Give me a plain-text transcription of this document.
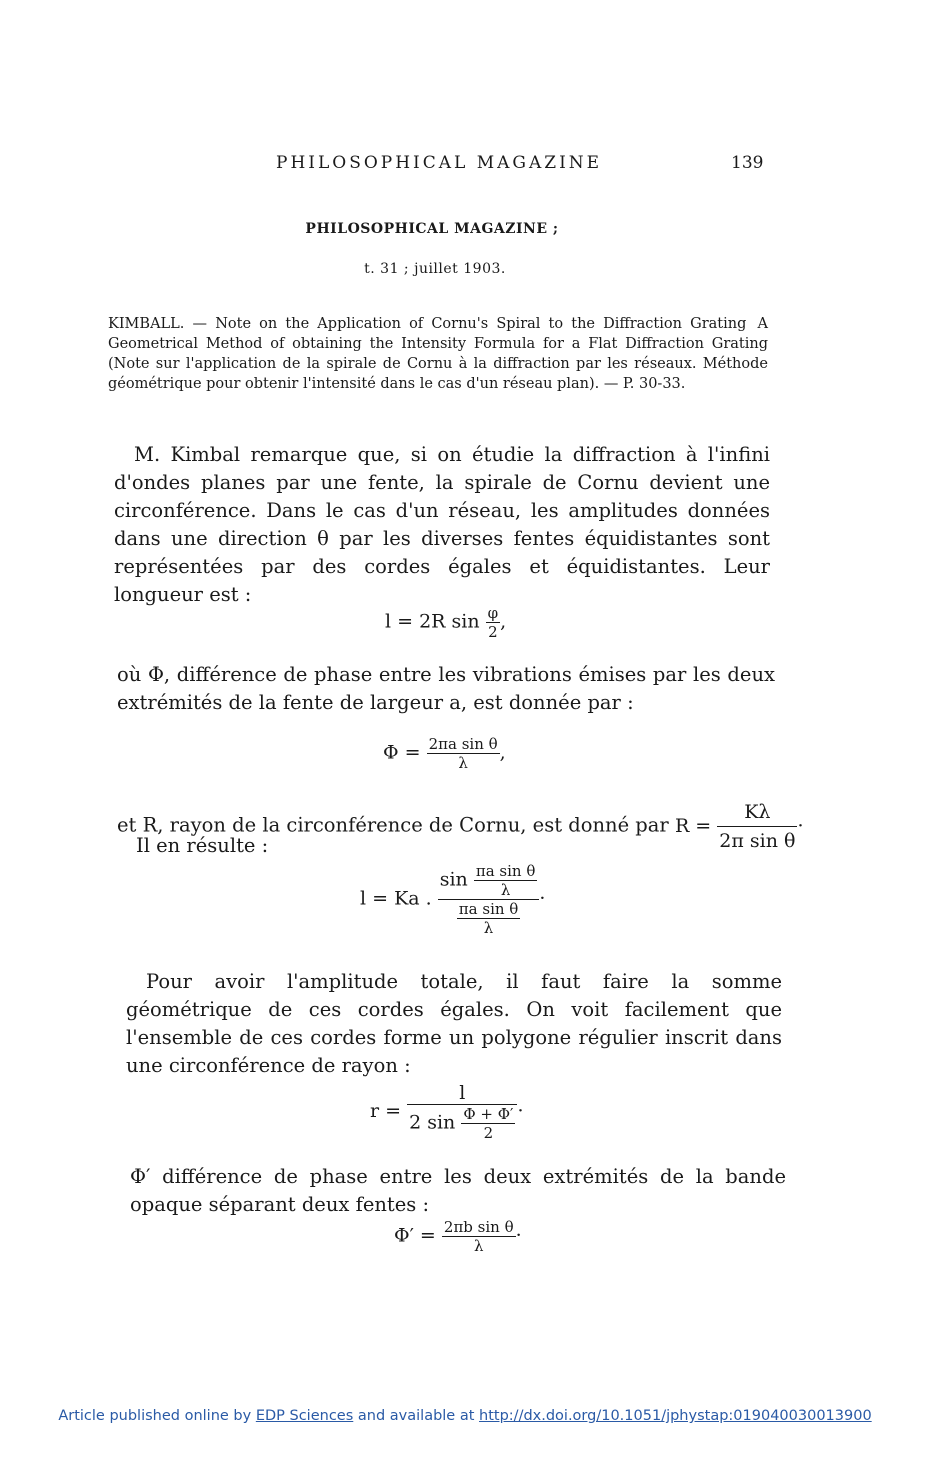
PHILOSOPHICAL MAGAZINE	139
PHILOSOPHICAL MAGAZINE ;
t. 31 ; juillet 1903.
KIMBALL. — Note on the Application of Cornu's Spiral to the Diffraction Grating A Geometrical Method of obtaining the Intensity Formula for a Flat Diffraction Grating (Note sur l'application de la spirale de Cornu à la diffraction par les réseaux. Méthode géométrique pour obtenir l'intensité dans le cas d'un réseau plan). — P. 30-33.
M. Kimbal remarque que, si on étudie la diffraction à l'infini d'ondes planes par une fente, la spirale de Cornu devient une circonférence. Dans le cas d'un réseau, les amplitudes données dans une direction θ par les diverses fentes équidistantes sont représentées par des cordes égales et équidistantes. Leur longueur est :
l = 2R $\sin \frac{\varphi}{2}$ ,
où Φ, différence de phase entre les vibrations émises par les deux extrémités de la fente de largeur a, est donnée par :
$\Phi = \frac{\text{2πa sin θ}}{\lambda}$ ,
et R, rayon de la circonférence de Cornu, est donné par $R = \frac{K\lambda}{\text{2π sin θ}}$ ·
Il en résulte :
l = Ka . $\frac{\sin \frac{\text{πa sin θ}}{\lambda}}{\frac{\text{πa sin θ}}{\lambda}}$ ·
Pour avoir l'amplitude totale, il faut faire la somme géométrique de ces cordes égales. On voit facilement que l'ensemble de ces cordes forme un polygone régulier inscrit dans une circonférence de rayon :
$r = \frac{l}{2 \sin \frac{\Phi + \Phi'}{2}}$ ·
Φ′ différence de phase entre les deux extrémités de la bande opaque séparant deux fentes :
$\Phi' = \frac{\text{2πb sin θ}}{\lambda}$ ·
Article published online by EDP Sciences and available at http://dx.doi.org/10.1051/jphystap:019040030013900
